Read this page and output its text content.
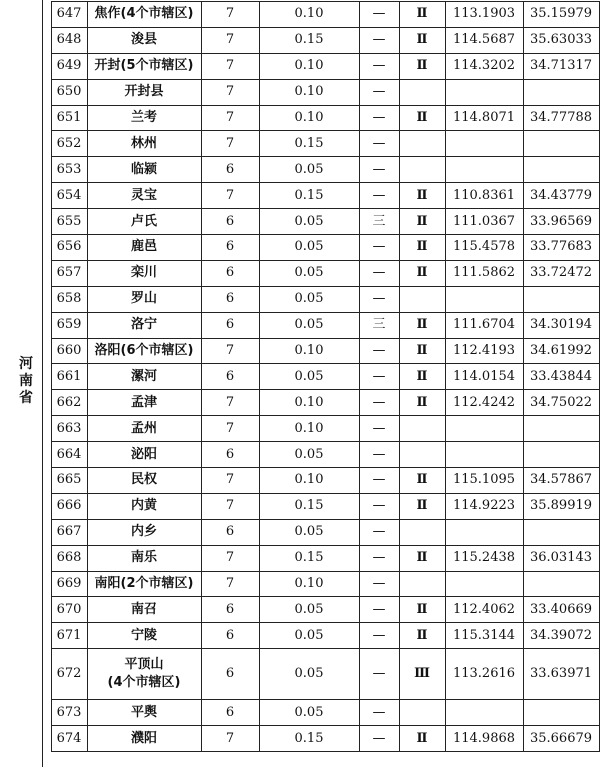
	647	焦作(4个市辖区)	7	0.10	—	Ⅱ	113.1903	35.15979
	648	浚县	7	0.15	—	Ⅱ	114.5687	35.63033
	649	开封(5个市辖区)	7	0.10	—	Ⅱ	114.3202	34.71317
	650	开封县	7	0.10	—			
	651	兰考	7	0.10	—	Ⅱ	114.8071	34.77788
	652	林州	7	0.15	—			
	653	临颍	6	0.05	—			
	654	灵宝	7	0.15	—	Ⅱ	110.8361	34.43779
	655	卢氏	6	0.05	三	Ⅱ	111.0367	33.96569
	656	鹿邑	6	0.05	—	Ⅱ	115.4578	33.77683
	657	栾川	6	0.05	—	Ⅱ	111.5862	33.72472
	658	罗山	6	0.05	—			
	659	洛宁	6	0.05	三	Ⅱ	111.6704	34.30194
	660	洛阳(6个市辖区)	7	0.10	—	Ⅱ	112.4193	34.61992
	661	漯河	6	0.05	—	Ⅱ	114.0154	33.43844
	662	孟津	7	0.10	—	Ⅱ	112.4242	34.75022
	663	孟州	7	0.10	—			
	664	泌阳	6	0.05	—			
	665	民权	7	0.10	—	Ⅱ	115.1095	34.57867
	666	内黄	7	0.15	—	Ⅱ	114.9223	35.89919
	667	内乡	6	0.05	—			
	668	南乐	7	0.15	—	Ⅱ	115.2438	36.03143
	669	南阳(2个市辖区)	7	0.10	—			
	670	南召	6	0.05	—	Ⅱ	112.4062	33.40669
	671	宁陵	6	0.05	—	Ⅱ	115.3144	34.39072
	672	平顶山
(4个市辖区)	6	0.05	—	Ⅲ	113.2616	33.63971
	673	平舆	6	0.05	—			
	674	濮阳	7	0.15	—	Ⅱ	114.9868	35.66679
河南省
